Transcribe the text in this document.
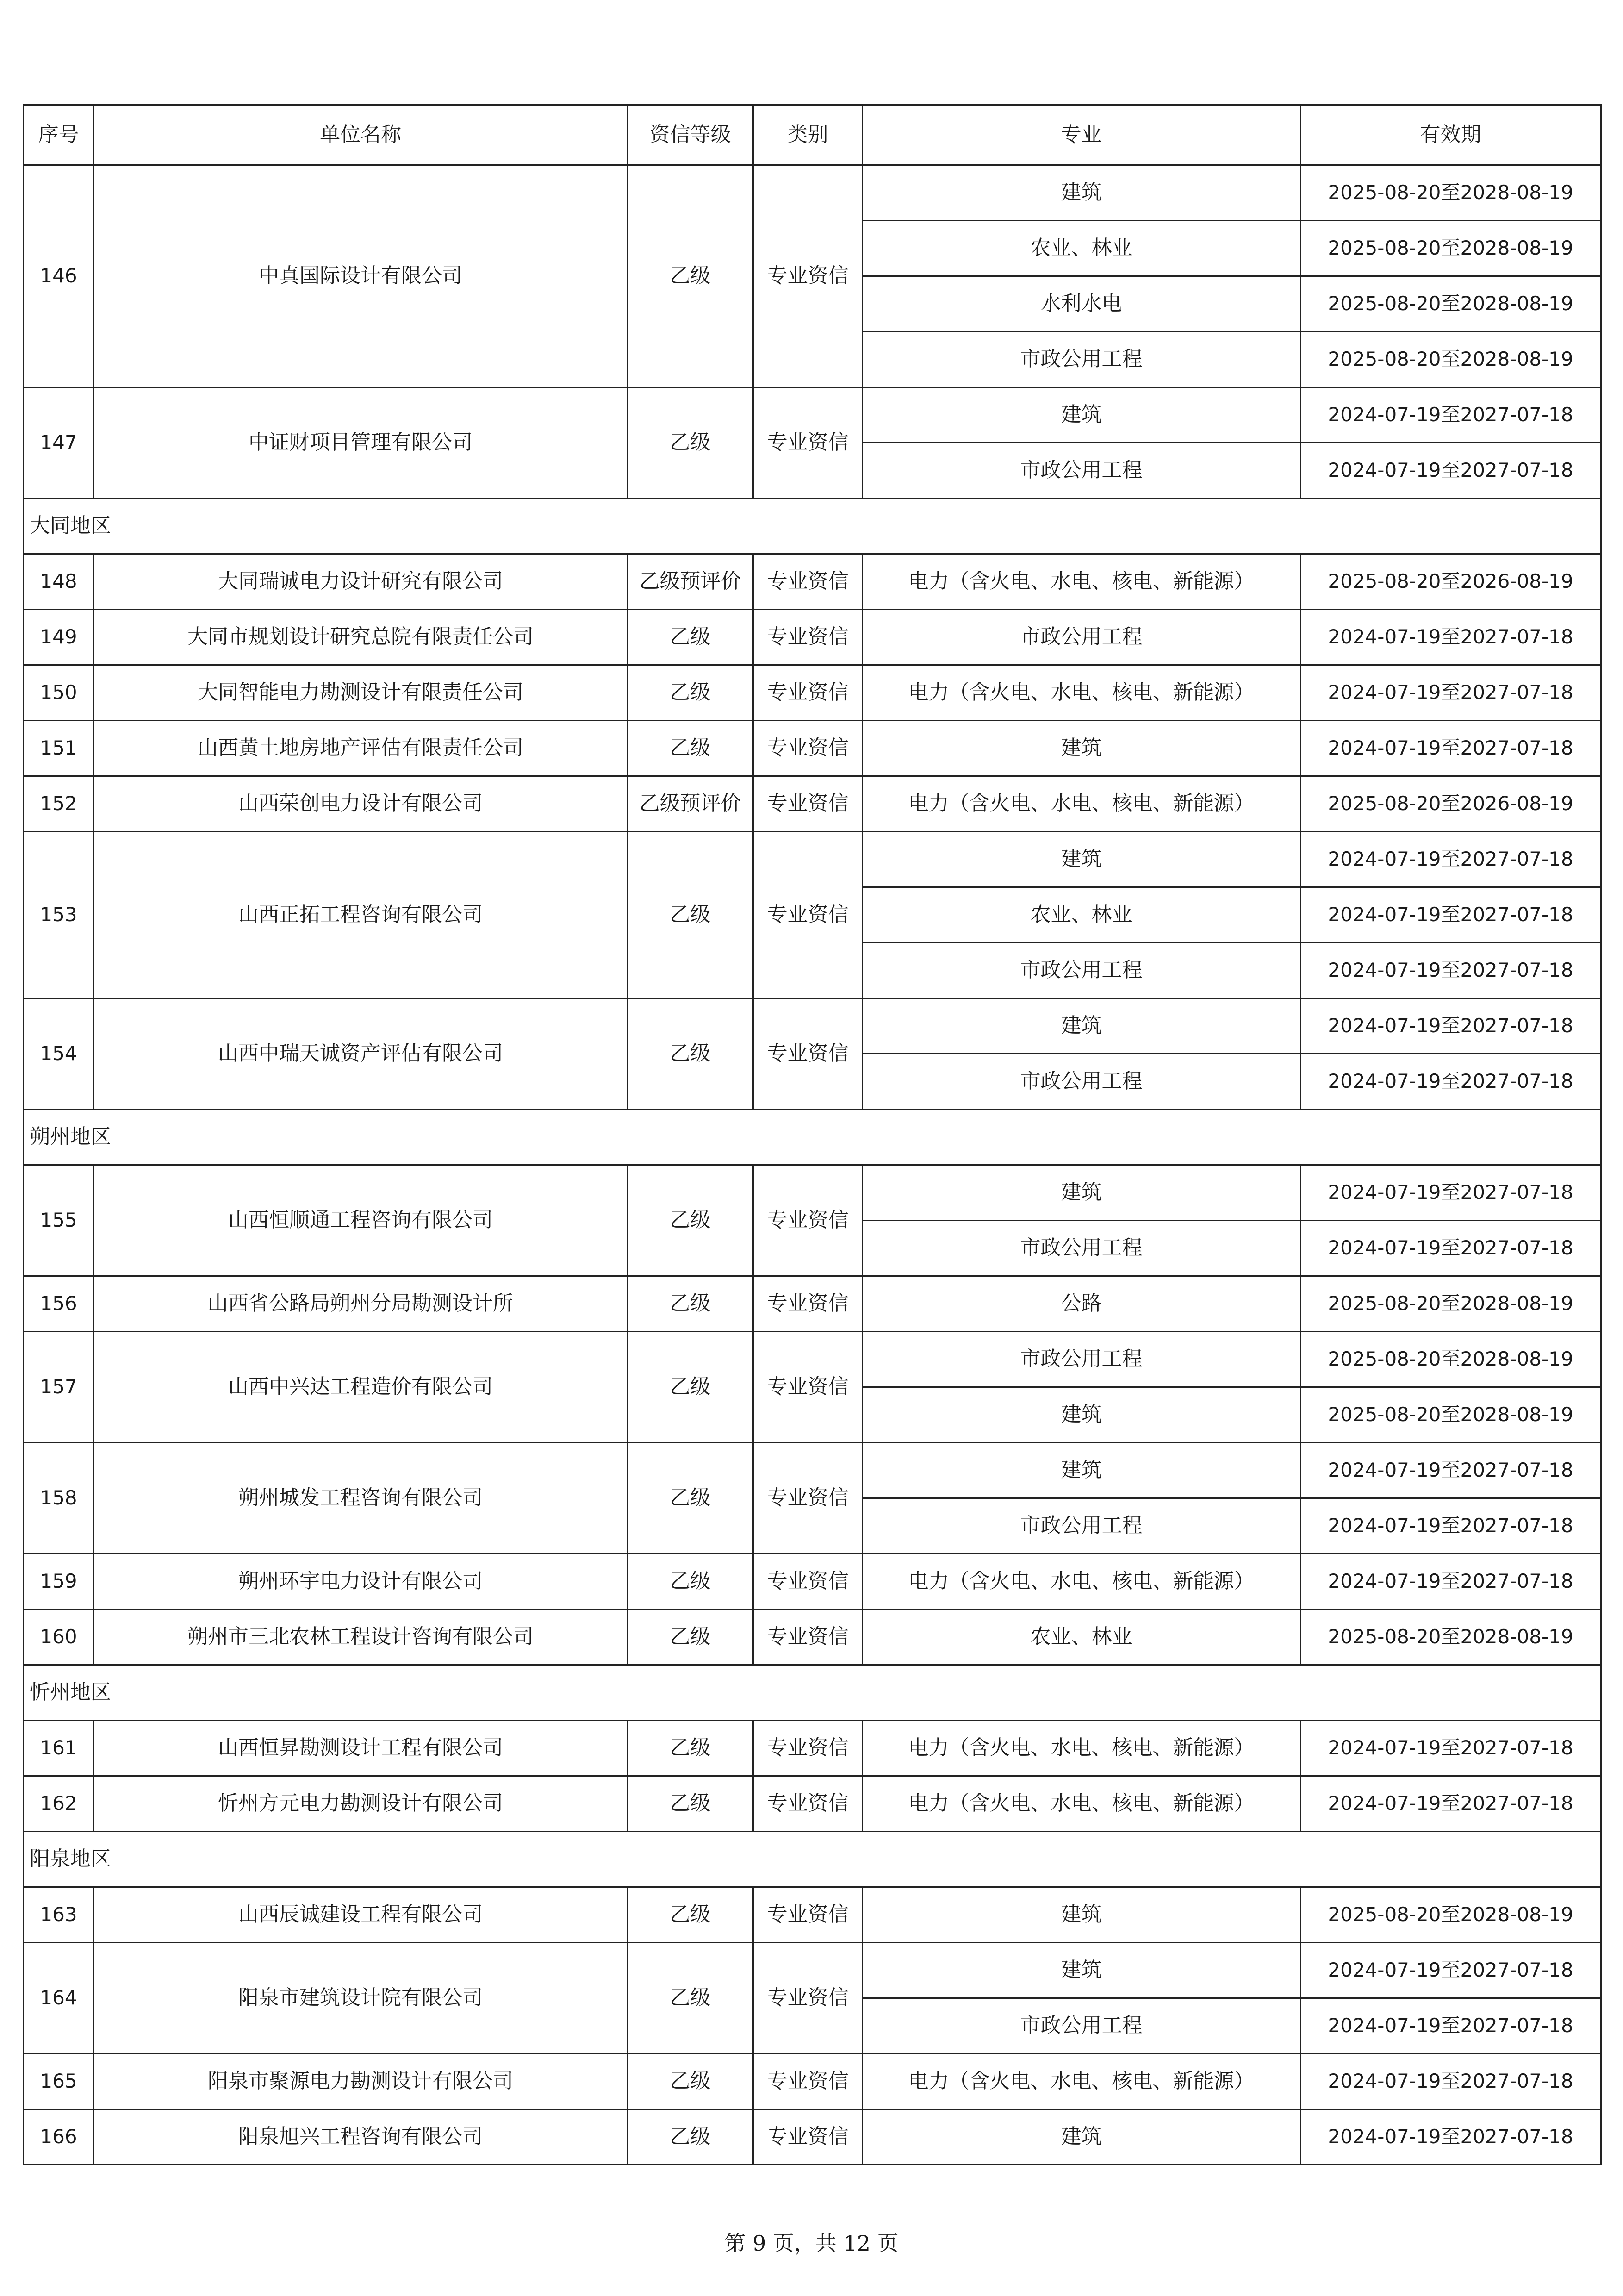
序号	单位名称	资信等级	类别	专业	有效期
146	中真国际设计有限公司	乙级	专业资信	建筑	2025-08-20至2028-08-19
				农业、林业	2025-08-20至2028-08-19
				水利水电	2025-08-20至2028-08-19
				市政公用工程	2025-08-20至2028-08-19
147	中证财项目管理有限公司	乙级	专业资信	建筑	2024-07-19至2027-07-18
				市政公用工程	2024-07-19至2027-07-18
大同地区					
148	大同瑞诚电力设计研究有限公司	乙级预评价	专业资信	电力（含火电、水电、核电、新能源）	2025-08-20至2026-08-19
149	大同市规划设计研究总院有限责任公司	乙级	专业资信	市政公用工程	2024-07-19至2027-07-18
150	大同智能电力勘测设计有限责任公司	乙级	专业资信	电力（含火电、水电、核电、新能源）	2024-07-19至2027-07-18
151	山西黄土地房地产评估有限责任公司	乙级	专业资信	建筑	2024-07-19至2027-07-18
152	山西荣创电力设计有限公司	乙级预评价	专业资信	电力（含火电、水电、核电、新能源）	2025-08-20至2026-08-19
153	山西正拓工程咨询有限公司	乙级	专业资信	建筑	2024-07-19至2027-07-18
				农业、林业	2024-07-19至2027-07-18
				市政公用工程	2024-07-19至2027-07-18
154	山西中瑞天诚资产评估有限公司	乙级	专业资信	建筑	2024-07-19至2027-07-18
				市政公用工程	2024-07-19至2027-07-18
朔州地区					
155	山西恒顺通工程咨询有限公司	乙级	专业资信	建筑	2024-07-19至2027-07-18
				市政公用工程	2024-07-19至2027-07-18
156	山西省公路局朔州分局勘测设计所	乙级	专业资信	公路	2025-08-20至2028-08-19
157	山西中兴达工程造价有限公司	乙级	专业资信	市政公用工程	2025-08-20至2028-08-19
				建筑	2025-08-20至2028-08-19
158	朔州城发工程咨询有限公司	乙级	专业资信	建筑	2024-07-19至2027-07-18
				市政公用工程	2024-07-19至2027-07-18
159	朔州环宇电力设计有限公司	乙级	专业资信	电力（含火电、水电、核电、新能源）	2024-07-19至2027-07-18
160	朔州市三北农林工程设计咨询有限公司	乙级	专业资信	农业、林业	2025-08-20至2028-08-19
忻州地区					
161	山西恒昇勘测设计工程有限公司	乙级	专业资信	电力（含火电、水电、核电、新能源）	2024-07-19至2027-07-18
162	忻州方元电力勘测设计有限公司	乙级	专业资信	电力（含火电、水电、核电、新能源）	2024-07-19至2027-07-18
阳泉地区					
163	山西辰诚建设工程有限公司	乙级	专业资信	建筑	2025-08-20至2028-08-19
164	阳泉市建筑设计院有限公司	乙级	专业资信	建筑	2024-07-19至2027-07-18
				市政公用工程	2024-07-19至2027-07-18
165	阳泉市聚源电力勘测设计有限公司	乙级	专业资信	电力（含火电、水电、核电、新能源）	2024-07-19至2027-07-18
166	阳泉旭兴工程咨询有限公司	乙级	专业资信	建筑	2024-07-19至2027-07-18
第 9 页，共 12 页
